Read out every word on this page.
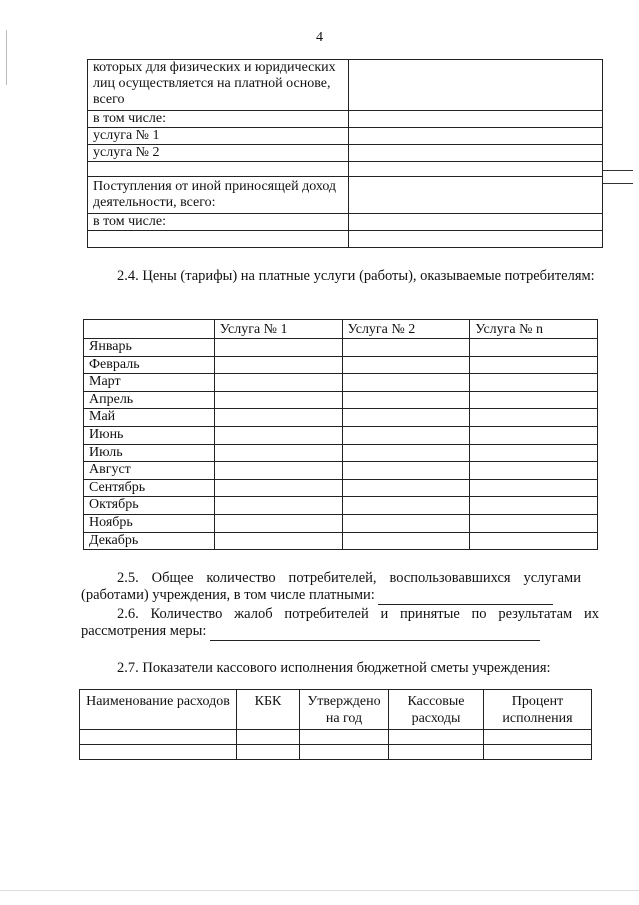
4
которых для физических и юридических лиц осуществляется на платной основе, всего	
в том числе:	
услуга № 1	
услуга № 2	

Поступления от иной приносящей доход деятельности, всего:	
в том числе:	

2.4. Цены (тарифы) на платные услуги (работы), оказываемые потребителям:
	Услуга № 1	Услуга № 2	Услуга № n
Январь			
Февраль			
Март			
Апрель			
Май			
Июнь			
Июль			
Август			
Сентябрь			
Октябрь			
Ноябрь			
Декабрь			
2.5. Общее количество потребителей, воспользовавшихся услугами (работами) учреждения, в том числе платными:
2.6. Количество жалоб потребителей и принятые по результатам их рассмотрения меры:
2.7. Показатели кассового исполнения бюджетной сметы учреждения:
Наименование расходов	КБК	Утверждено на год	Кассовые расходы	Процент исполнения
